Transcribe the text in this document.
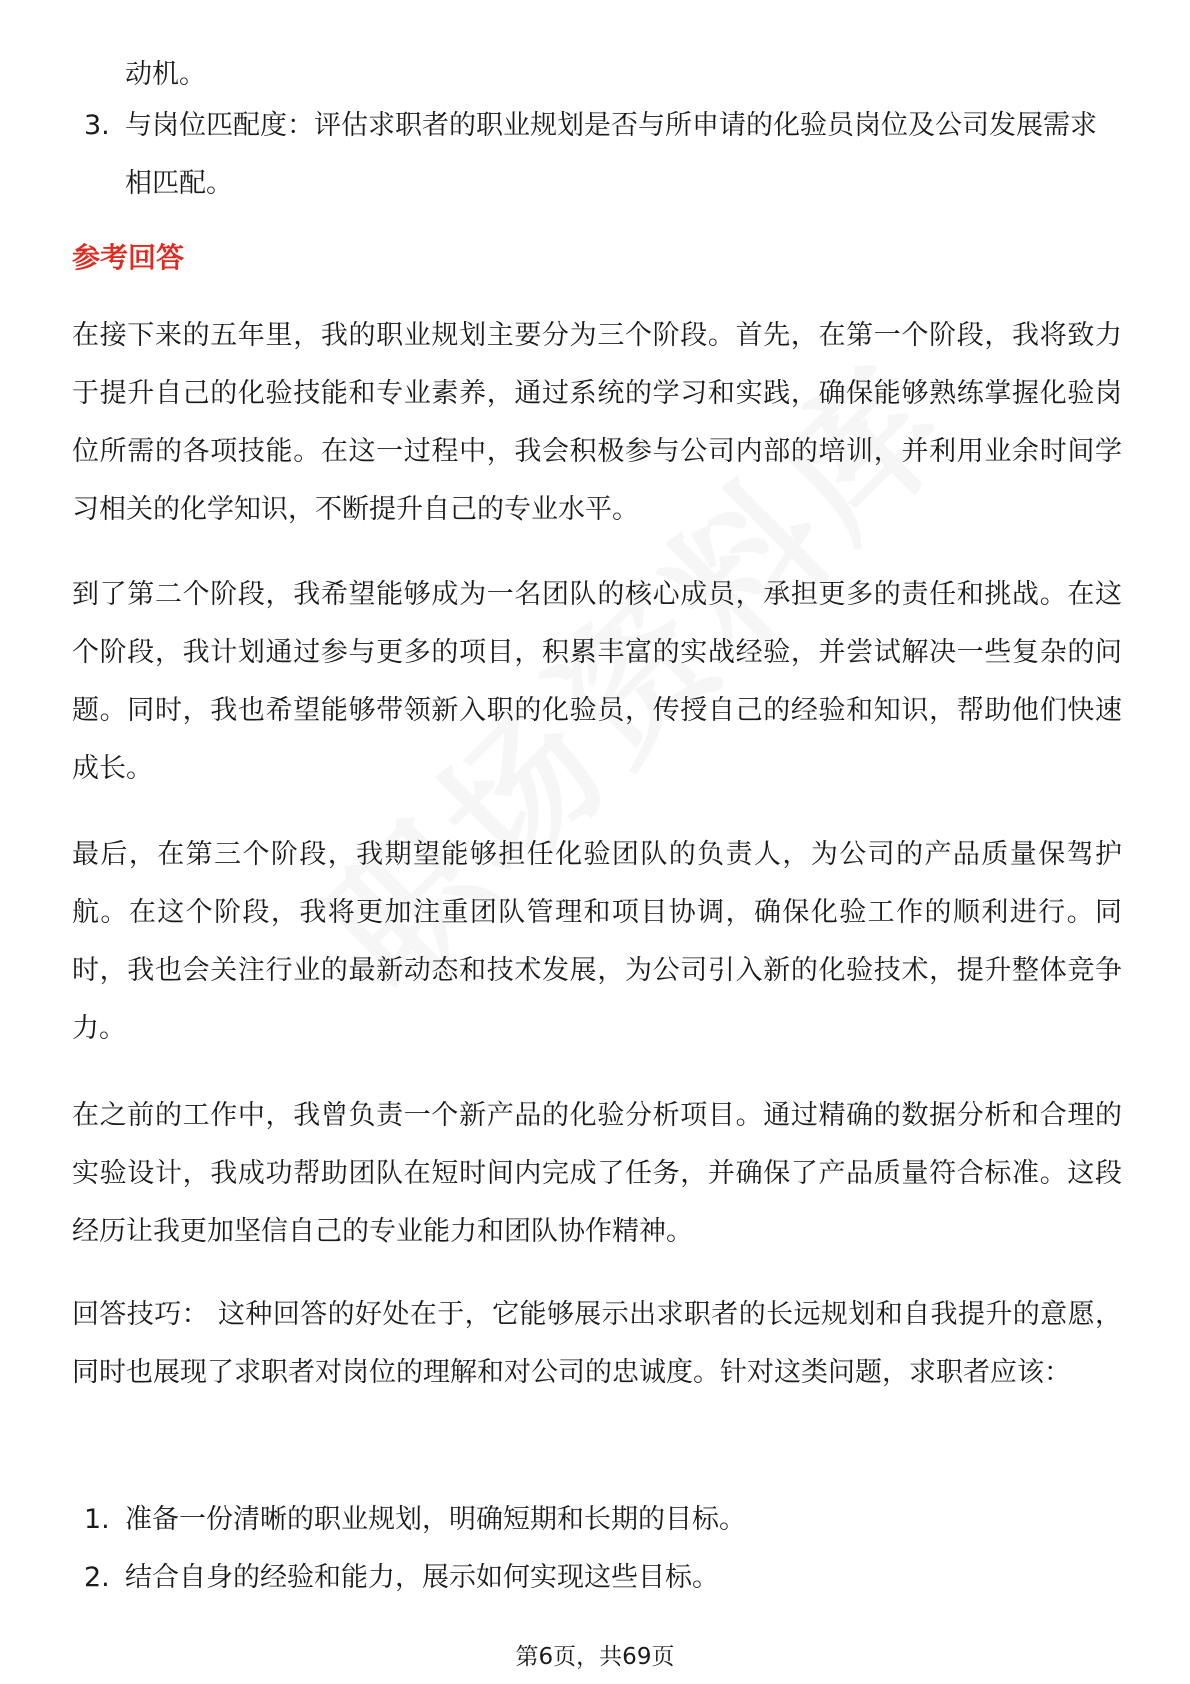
动机。
3. 与岗位匹配度：评估求职者的职业规划是否与所申请的化验员岗位及公司发展需求相匹配。
参考回答

在接下来的五年里，我的职业规划主要分为三个阶段。首先，在第一个阶段，我将致力于提升自己的化验技能和专业素养，通过系统的学习和实践，确保能够熟练掌握化验岗位所需的各项技能。在这一过程中，我会积极参与公司内部的培训，并利用业余时间学习相关的化学知识，不断提升自己的专业水平。

到了第二个阶段，我希望能够成为一名团队的核心成员，承担更多的责任和挑战。在这个阶段，我计划通过参与更多的项目，积累丰富的实战经验，并尝试解决一些复杂的问题。同时，我也希望能够带领新入职的化验员，传授自己的经验和知识，帮助他们快速成长。

最后，在第三个阶段，我期望能够担任化验团队的负责人，为公司的产品质量保驾护航。在这个阶段，我将更加注重团队管理和项目协调，确保化验工作的顺利进行。同时，我也会关注行业的最新动态和技术发展，为公司引入新的化验技术，提升整体竞争力。

在之前的工作中，我曾负责一个新产品的化验分析项目。通过精确的数据分析和合理的实验设计，我成功帮助团队在短时间内完成了任务，并确保了产品质量符合标准。这段经历让我更加坚信自己的专业能力和团队协作精神。

回答技巧： 这种回答的好处在于，它能够展示出求职者的长远规划和自我提升的意愿，同时也展现了求职者对岗位的理解和对公司的忠诚度。针对这类问题，求职者应该：

1. 准备一份清晰的职业规划，明确短期和长期的目标。
2. 结合自身的经验和能力，展示如何实现这些目标。
第6页，共69页
